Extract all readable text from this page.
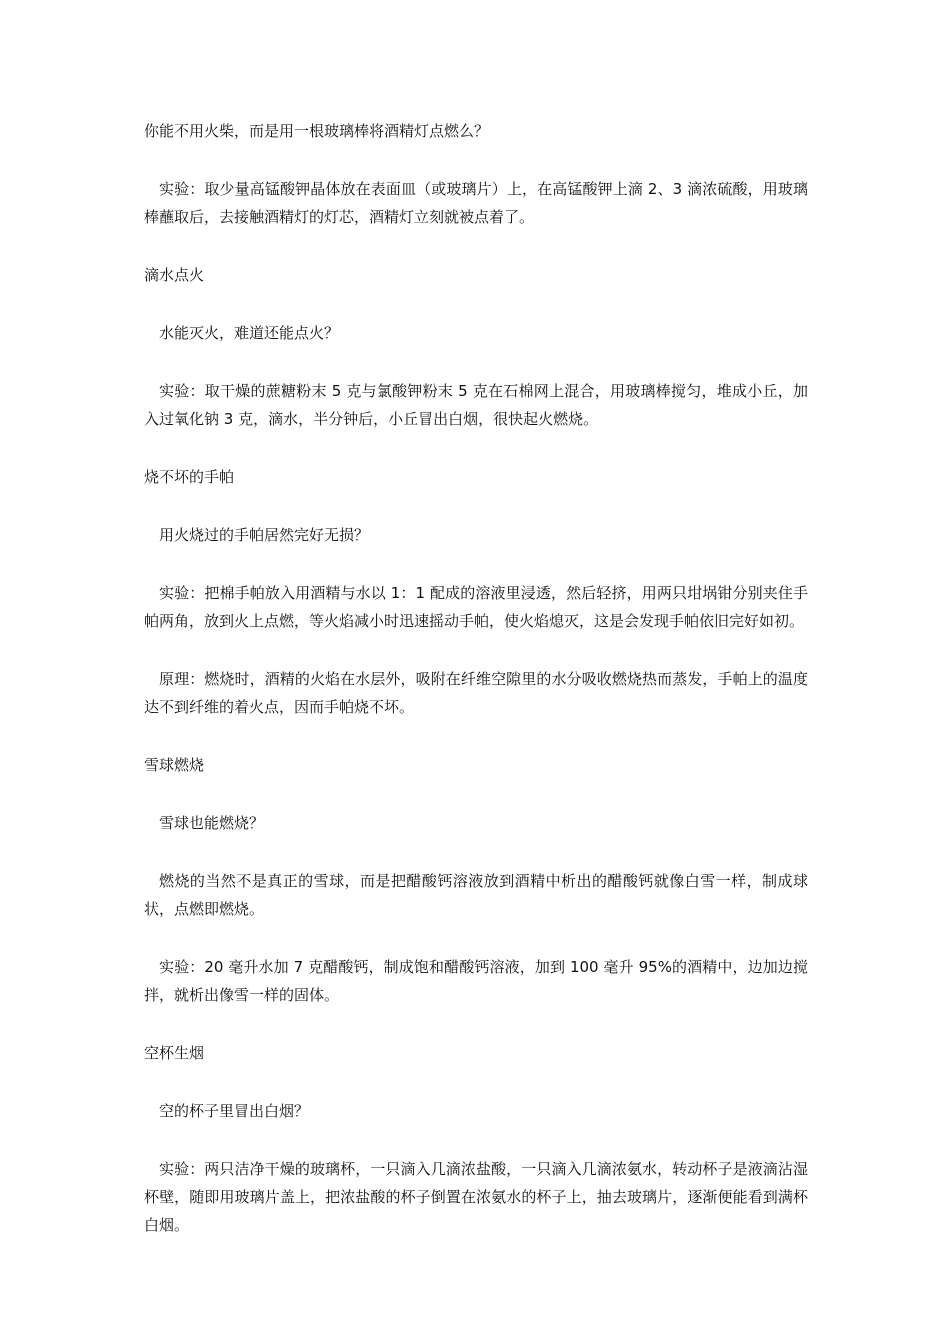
你能不用火柴，而是用一根玻璃棒将酒精灯点燃么？

实验：取少量高锰酸钾晶体放在表面皿（或玻璃片）上，在高锰酸钾上滴 2、3 滴浓硫酸，用玻璃棒蘸取后，去接触酒精灯的灯芯，酒精灯立刻就被点着了。

滴水点火

水能灭火，难道还能点火？

实验：取干燥的蔗糖粉末 5 克与氯酸钾粉末 5 克在石棉网上混合，用玻璃棒搅匀，堆成小丘，加入过氧化钠 3 克，滴水，半分钟后，小丘冒出白烟，很快起火燃烧。

烧不坏的手帕

用火烧过的手帕居然完好无损？

实验：把棉手帕放入用酒精与水以 1：1 配成的溶液里浸透，然后轻挤，用两只坩埚钳分别夹住手帕两角，放到火上点燃，等火焰减小时迅速摇动手帕，使火焰熄灭，这是会发现手帕依旧完好如初。

原理：燃烧时，酒精的火焰在水层外，吸附在纤维空隙里的水分吸收燃烧热而蒸发，手帕上的温度达不到纤维的着火点，因而手帕烧不坏。

雪球燃烧

雪球也能燃烧？

燃烧的当然不是真正的雪球，而是把醋酸钙溶液放到酒精中析出的醋酸钙就像白雪一样，制成球状，点燃即燃烧。

实验：20 毫升水加 7 克醋酸钙，制成饱和醋酸钙溶液，加到 100 毫升 95%的酒精中，边加边搅拌，就析出像雪一样的固体。

空杯生烟

空的杯子里冒出白烟？

实验：两只洁净干燥的玻璃杯，一只滴入几滴浓盐酸，一只滴入几滴浓氨水，转动杯子是液滴沾湿杯壁，随即用玻璃片盖上，把浓盐酸的杯子倒置在浓氨水的杯子上，抽去玻璃片，逐渐便能看到满杯白烟。
